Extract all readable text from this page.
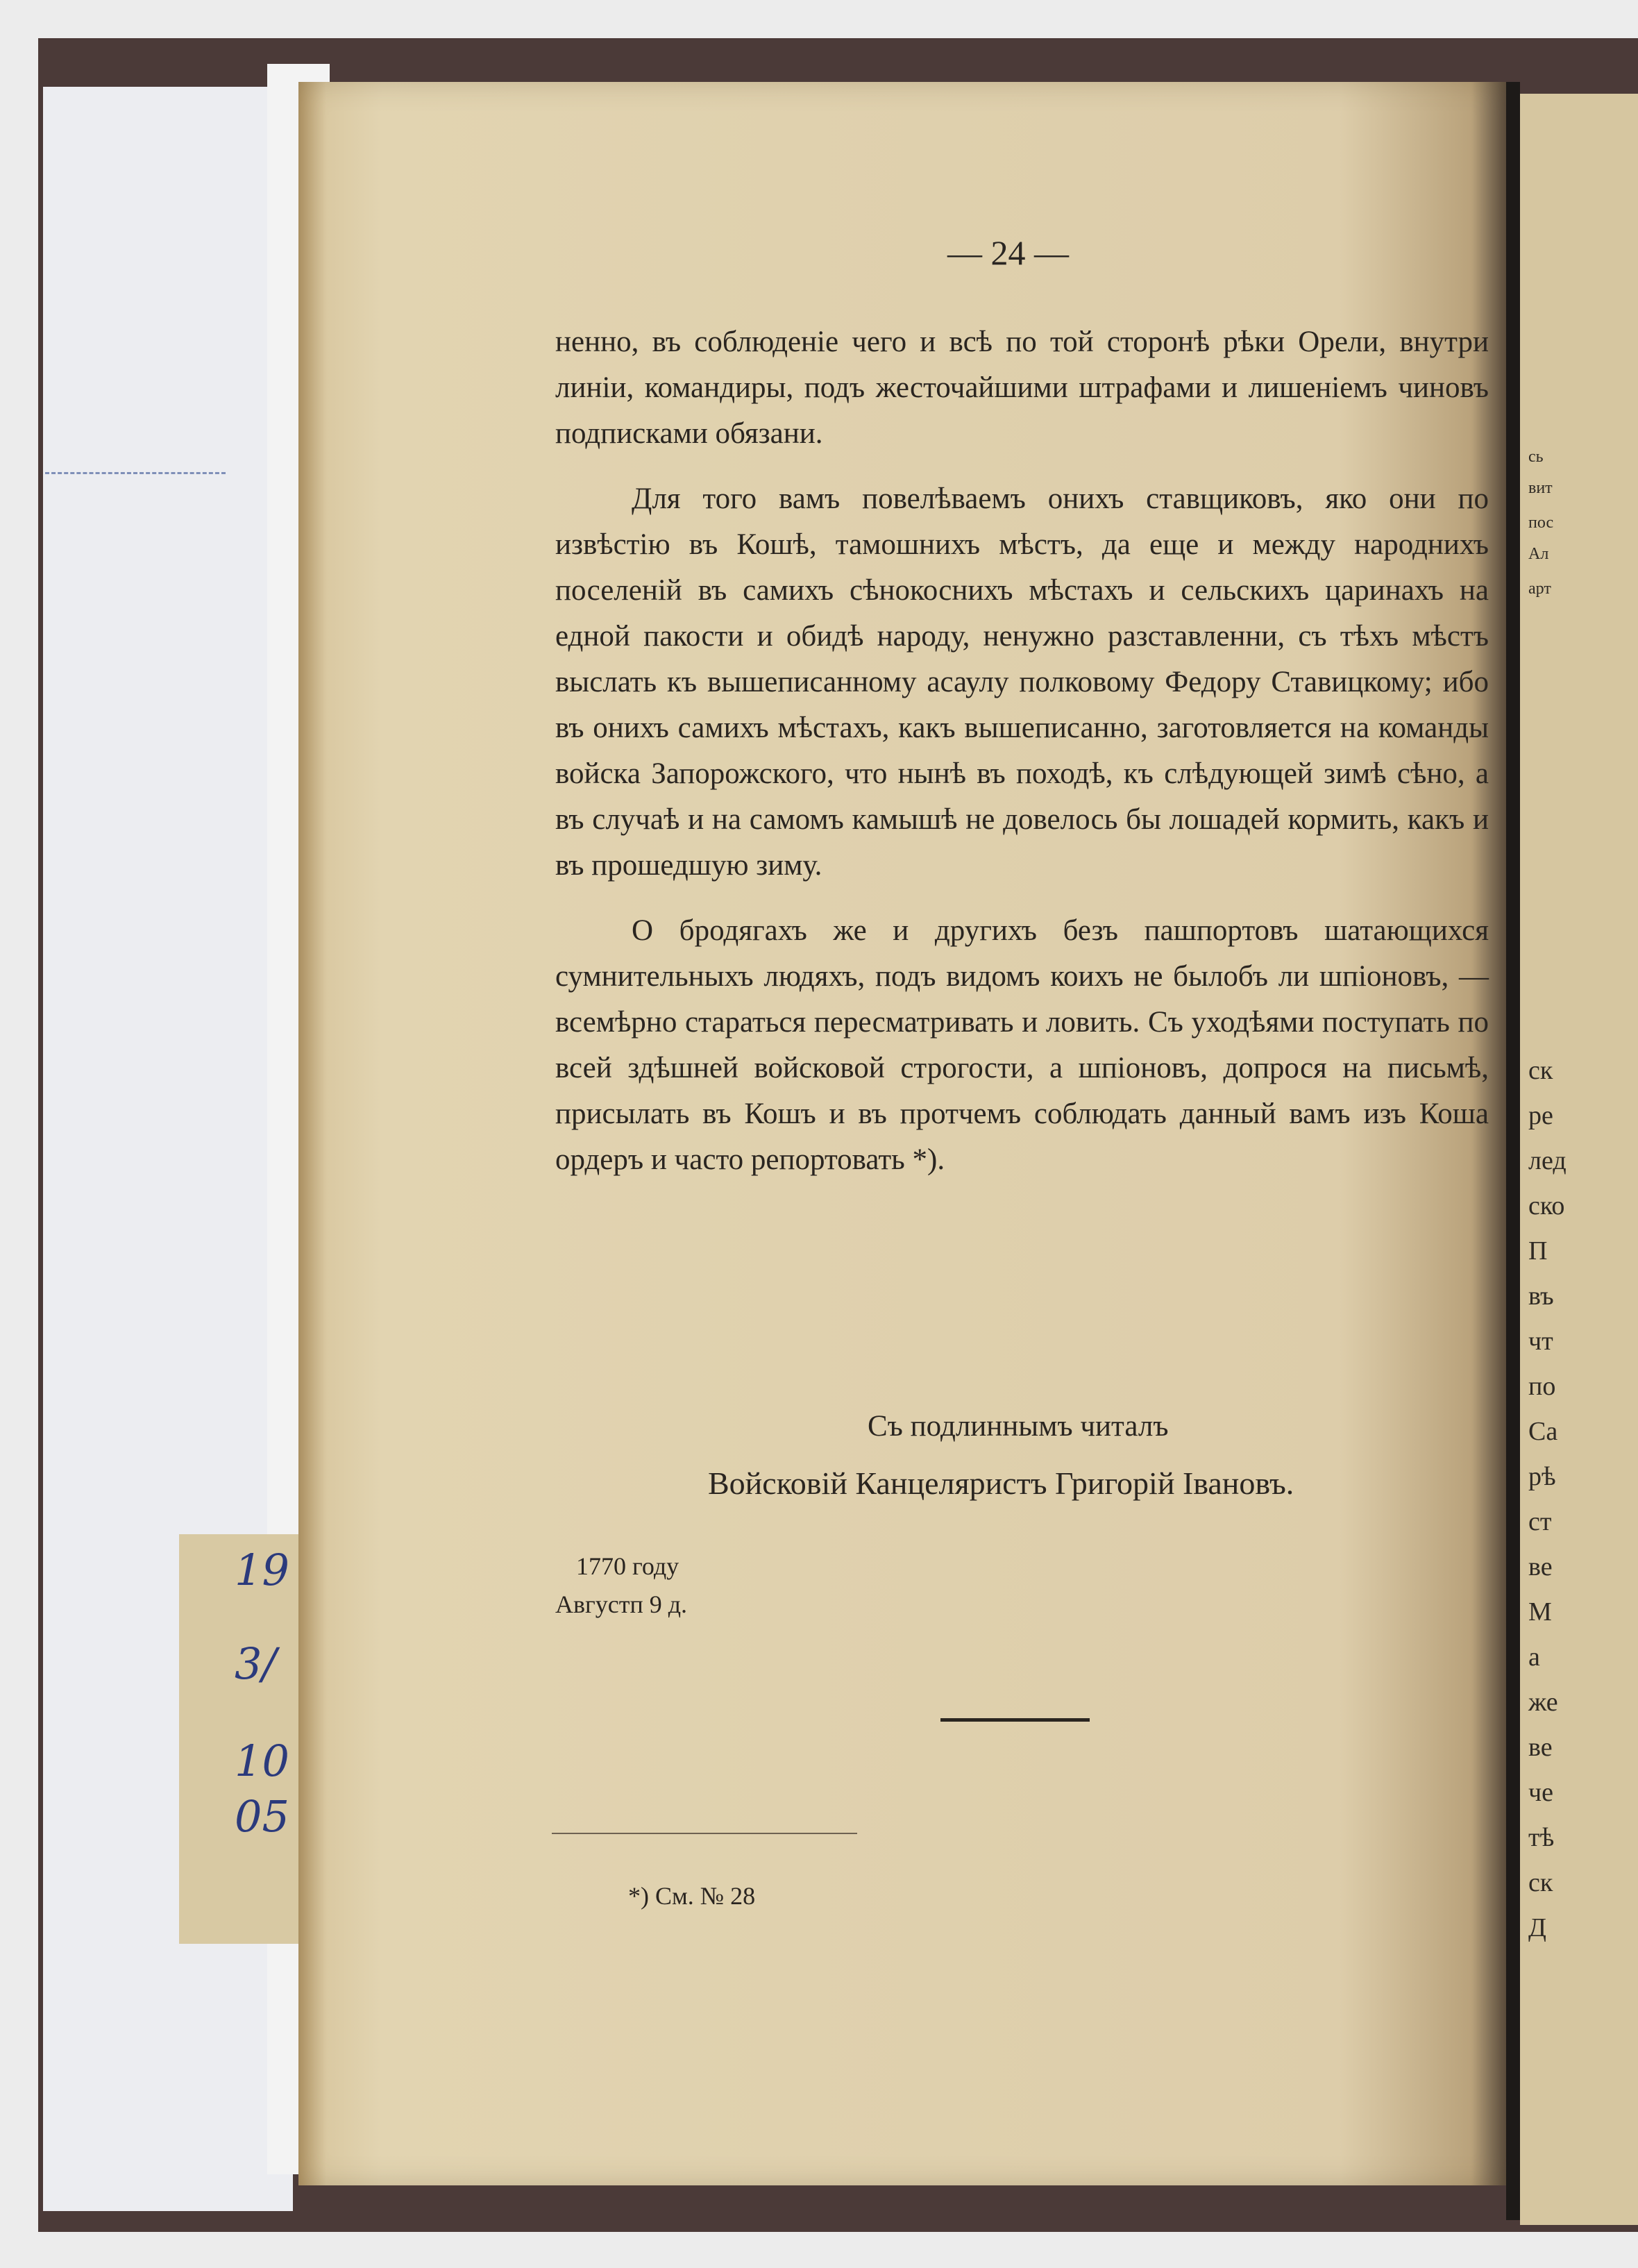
19
3/
10
05
сь
вит
пос
Ал
арт
ск
ре
лед
ско
П
въ
чт
по
Са
рѣ
ст
ве
М
а
же
ве
че
тѣ
ск
Д
— 24 —

ненно, въ соблюденіе чего и всѣ по той сторонѣ рѣки Орели, внутри линіи, командиры, подъ жесточайшими штрафами и лишеніемъ чиновъ подписками обязани.

Для того вамъ повелѣваемъ онихъ ставщиковъ, яко они по извѣстію въ Кошѣ, тамошнихъ мѣстъ, да еще и между народнихъ поселеній въ самихъ сѣнокоснихъ мѣстахъ и сельскихъ царинахъ на едной пакости и обидѣ народу, ненужно разставленни, съ тѣхъ мѣстъ выслать къ вышеписанному асаулу полковому Федору Ставицкому; ибо въ онихъ самихъ мѣстахъ, какъ вышеписанно, заготовляется на команды войска Запорожского, что нынѣ въ походѣ, къ слѣдующей зимѣ сѣно, а въ случаѣ и на самомъ камышѣ не довелось бы лошадей кормить, какъ и въ прошедшую зиму.

О бродягахъ же и другихъ безъ пашпортовъ шатающихся сумнительныхъ людяхъ, подъ видомъ коихъ не былобъ ли шпіоновъ, — всемѣрно стараться пересматривать и ловить. Съ уходѣями поступать по всей здѣшней войсковой строгости, а шпіоновъ, допрося на письмѣ, присылать въ Кошъ и въ протчемъ соблюдать данный вамъ изъ Коша ордеръ и часто репортовать *).

Съ подлиннымъ читалъ
Войсковій Канцеляристъ Григорій Івановъ.
1770 году
Августп 9 д.
*) См. № 28
